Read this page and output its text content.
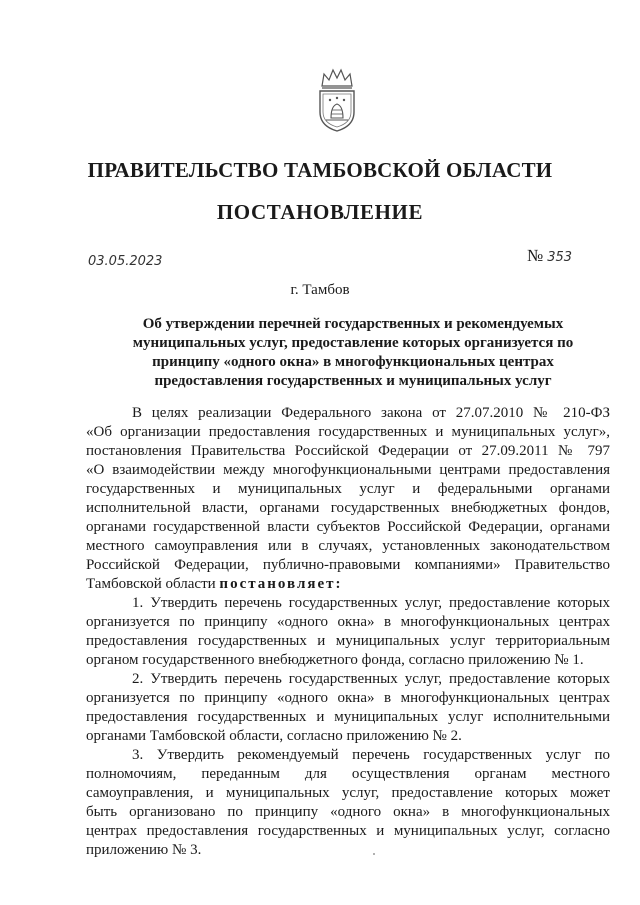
ПРАВИТЕЛЬСТВО ТАМБОВСКОЙ ОБЛАСТИ
ПОСТАНОВЛЕНИЕ
03.05.2023	№ 353
г. Тамбов
Об утверждении перечней государственных и рекомендуемых
муниципальных услуг, предоставление которых организуется по
принципу «одного окна» в многофункциональных центрах
предоставления государственных и муниципальных услуг
В целях реализации Федерального закона от 27.07.2010 № 210-ФЗ
«Об организации предоставления государственных и муниципальных услуг»,
постановления Правительства Российской Федерации от 27.09.2011 № 797
«О взаимодействии между многофункциональными центрами предоставления
государственных и муниципальных услуг и федеральными органами
исполнительной власти, органами государственных внебюджетных фондов,
органами государственной власти субъектов Российской Федерации, органами
местного самоуправления или в случаях, установленных законодательством
Российской Федерации, публично-правовыми компаниями» Правительство
Тамбовской области постановляет:
1. Утвердить перечень государственных услуг, предоставление которых
организуется по принципу «одного окна» в многофункциональных центрах
предоставления государственных и муниципальных услуг территориальным
органом государственного внебюджетного фонда, согласно приложению № 1.
2. Утвердить перечень государственных услуг, предоставление которых
организуется по принципу «одного окна» в многофункциональных центрах
предоставления государственных и муниципальных услуг исполнительными
органами Тамбовской области, согласно приложению № 2.
3. Утвердить рекомендуемый перечень государственных услуг по
полномочиям, переданным для осуществления органам местного
самоуправления, и муниципальных услуг, предоставление которых может
быть организовано по принципу «одного окна» в многофункциональных
центрах предоставления государственных и муниципальных услуг, согласно
приложению № 3.
